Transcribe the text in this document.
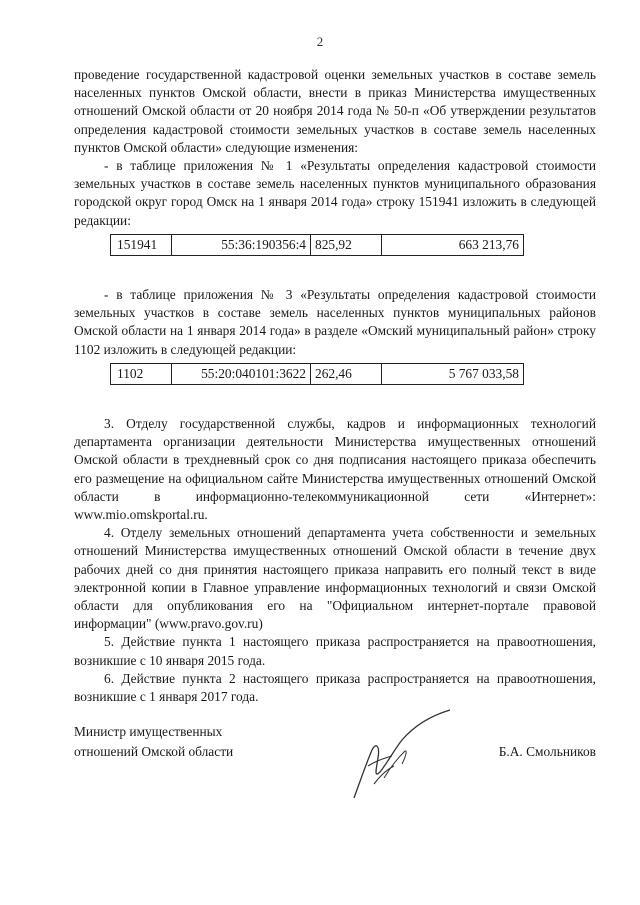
2

проведение государственной кадастровой оценки земельных участков в составе земель населенных пунктов Омской области, внести в приказ Министерства имущественных отношений Омской области от 20 ноября 2014 года № 50-п «Об утверждении результатов определения кадастровой стоимости земельных участков в составе земель населенных пунктов Омской области» следующие изменения:

- в таблице приложения № 1 «Результаты определения кадастровой стоимости земельных участков в составе земель населенных пунктов муниципального образования городской округ город Омск на 1 января 2014 года» строку 151941 изложить в следующей редакции:

151941	55:36:190356:4	825,92	663 213,76

- в таблице приложения № 3 «Результаты определения кадастровой стоимости земельных участков в составе земель населенных пунктов муниципальных районов Омской области на 1 января 2014 года» в разделе «Омский муниципальный район» строку 1102 изложить в следующей редакции:

1102	55:20:040101:3622	262,46	5 767 033,58

3. Отделу государственной службы, кадров и информационных технологий департамента организации деятельности Министерства имущественных отношений Омской области в трехдневный срок со дня подписания настоящего приказа обеспечить его размещение на официальном сайте Министерства имущественных отношений Омской области в информационно-телекоммуникационной сети «Интернет»: www.mio.omskportal.ru.

4. Отделу земельных отношений департамента учета собственности и земельных отношений Министерства имущественных отношений Омской области в течение двух рабочих дней со дня принятия настоящего приказа направить его полный текст в виде электронной копии в Главное управление информационных технологий и связи Омской области для опубликования его на "Официальном интернет-портале правовой информации" (www.pravo.gov.ru)

5. Действие пункта 1 настоящего приказа распространяется на правоотношения, возникшие с 10 января 2015 года.

6. Действие пункта 2 настоящего приказа распространяется на правоотношения, возникшие с 1 января 2017 года.

Министр имущественных
отношений Омской области	Б.А. Смольников
